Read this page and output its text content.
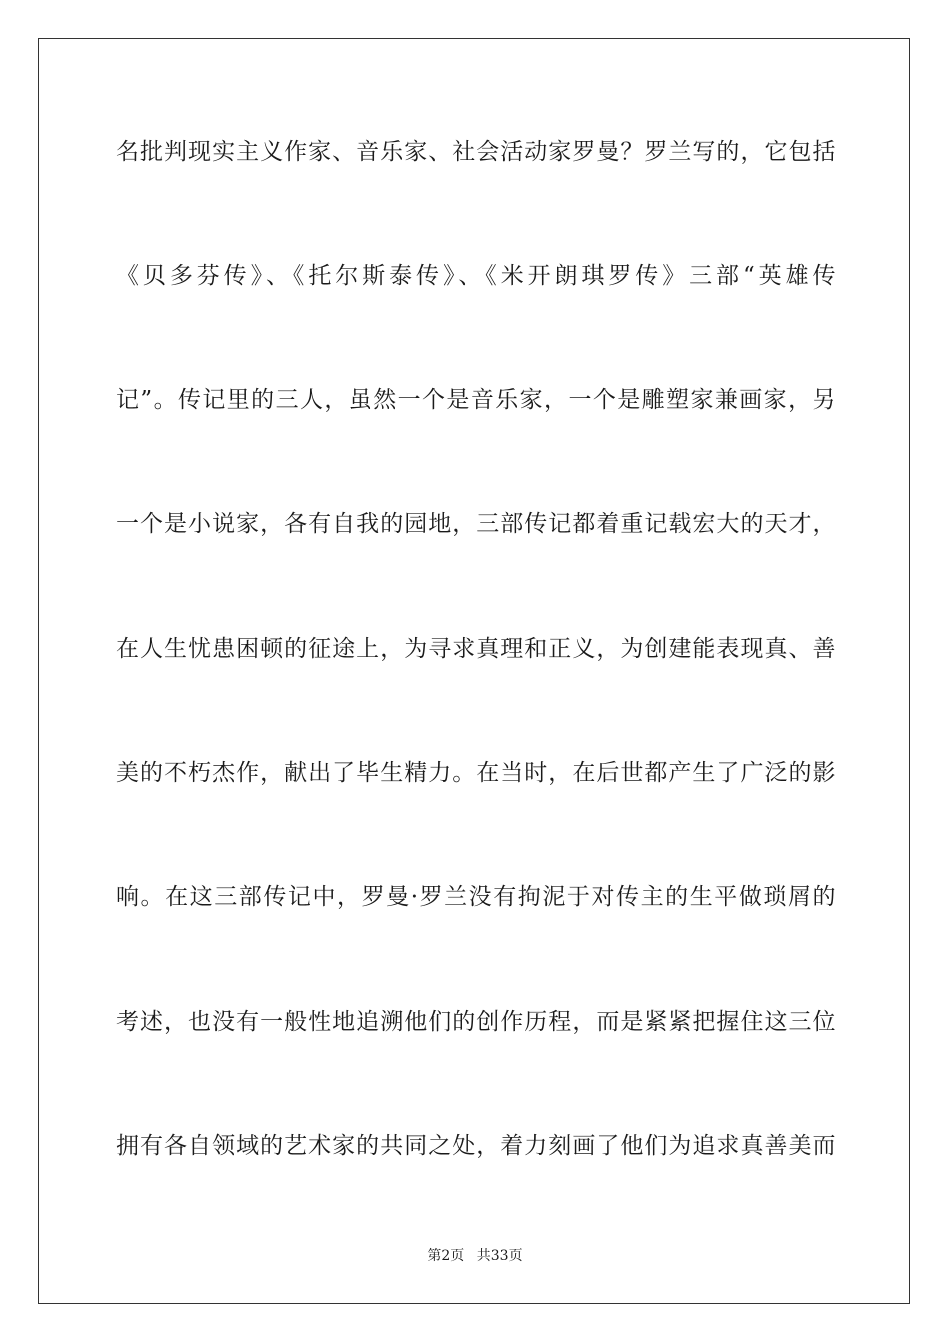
名批判现实主义作家、音乐家、社会活动家罗曼？罗兰写的，它包括
《贝多芬传》、《托尔斯泰传》、《米开朗琪罗传》三部“英雄传
记”。传记里的三人，虽然一个是音乐家，一个是雕塑家兼画家，另
一个是小说家，各有自我的园地，三部传记都着重记载宏大的天才，
在人生忧患困顿的征途上，为寻求真理和正义，为创建能表现真、善
美的不朽杰作，献出了毕生精力。在当时，在后世都产生了广泛的影
响。在这三部传记中，罗曼·罗兰没有拘泥于对传主的生平做琐屑的
考述，也没有一般性地追溯他们的创作历程，而是紧紧把握住这三位
拥有各自领域的艺术家的共同之处，着力刻画了他们为追求真善美而
第2页 共33页
